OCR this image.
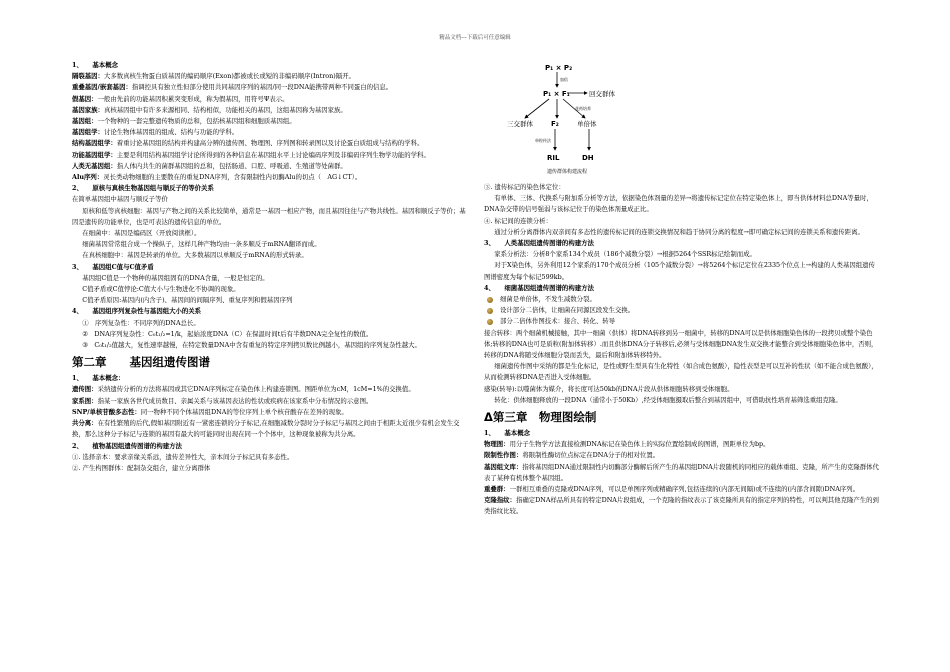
精品文档---下载后可任意编辑

1、　　基本概念

隔裂基因：大多数真核生物蛋白质基因的编码顺序(Exon)都被或长或短的非编码顺序(Intron)隔开。

重叠基因/嵌套基因：指调控具有独立性但部分使用共同基因序列的基因/同一段DNA能携带两种不同蛋白的信息。

假基因：一般由先前的功能基因积累突变形成，称为假基因，用符号Ψ表示。

基因家族：真核基因组中有许多来源相同、结构相似，功能相关的基因，这组基因称为基因家族。

基因组：一个物种的一套完整遗传物质的总和，包括核基因组和细胞质基因组。

基因组学：讨论生物体基因组的组成、结构与功能的学科。

结构基因组学：着重讨论基因组的结构并构建高分辨的遗传图、物理图、序列图和转录图以及讨论蛋白质组成与结构的学科。

功能基因组学：主要是利用结构基因组学讨论所得到的各种信息在基因组水平上讨论编码序列及非编码序列生物学功能的学科。

人类无基因组：指人体内共生的菌群基因组的总和，包括肠道、口腔、呼吸道、生殖道等处菌群。

Alu序列：灵长类动物细胞的主要散在的重复DNA序列，含有限制性内切酶Alu的切点（　AG↓CT）。

2、　　原核与真核生物基因组与顺反子的等价关系

在简单基因组中基因与顺反子等价

原核和低等真核细胞：基因与产物之间的关系比较简单，通常是一基因一相应产物，而且基因往往与产物共线性。基因和顺反子等价；基因是遗传的功能单位，也是可表达的遗传信息的单位。

在细菌中：基因是编码区（开放阅读框）。

细菌基因常常组合成一个操纵子，这样几种产物均由一条多顺反子mRNA翻译而成。

在真核细胞中：基因是转录的单位。大多数基因以单顺反子mRNA的形式转录。

3、　　基因组C值与C值矛盾

基因组C值是一个物种的基因组固有的DNA含量，一般是恒定的。

C值矛盾或C值悖论:C值大小与生物进化不协调的现象。

C值矛盾原因:基因内(内含子)、基因间的间隔序列、重复序列和假基因序列

4、　　基因组序列复杂性与基因组大小的关系

①　序列复杂性：不同序列的DNA总长。

②　DNA序列复杂性：C₀t₁/₂=1/k，起始浓度DNA（C）在保温时间t后有半数DNA完全复性的数值。

③　C₀t₁/₂值越大，复性速率越慢，在特定数量DNA中含有重复的特定序列拷贝数比例越小，基因组的序列复杂性越大。

第二章　　基因组遗传图谱

1、　　基本概念：

遗传图：采纳遗传分析的方法将基因或其它DNA序列标定在染色体上构建连锁图。图距单位为cM，1cM=1%的交换值。

家系图：指某一家族各世代成员数目、亲属关系与该基因表达的性状或疾病在该家系中分布情况的示意图。

SNP/单核苷酸多态性：同一物种不同个体基因组DNA的等位序列上单个核苷酸存在差异的现象。

共分离：在有性繁殖的后代,假如基因附近有一紧密连锁的分子标记,在细胞减数分裂时分子标记与基因之间由于相距太近很少有机会发生交换，那么这种分子标记与连锁的基因有最大的可能同时出现在同一个个体中，这种现象被称为共分离。

2、　　植物基因组遗传图谱的构建方法

①. 选择亲本：要求亲缘关系远，遗传差异性大，亲本间分子标记具有多态性。

②. 产生构图群体：配制杂交组合，建立分离群体

P₁ × P₂
加倍
P₁ × F₁	回交群体
花药培养
三交群体	F₂	单倍体
单粒传法
RIL	DH
遗传群体构建流程

③. 遗传标记的染色体定位：

有单体、三体、代换系与附加系分析等方法，依据染色体剂量的差异→将遗传标记定位在特定染色体上，即当供体材料总DNA等量时，DNA杂交带的信号强弱与该标记位于的染色体剂量成正比。

④. 标记间的连锁分析：

通过分析分离群体内双亲间有多态性的遗传标记间的连锁交换情况和趋于协同分离的程度→即可确定标记间的连锁关系和遗传距离。

3、　　人类基因组遗传图谱的构建方法

家系分析法：分析8个家系134个成员（186个减数分裂）→根据5264个SSR标记绘制而成。

对于X染色体，另外利用12个家系的170个成员分析（105个减数分裂）→将5264个标记定位在2335个位点上→构建的人类基因组遗传图谱密度为每个标记599kb。

4、　　细菌基因组遗传图谱的构建方法

细菌是单倍体，不发生减数分裂。

设计部分二倍体，让细菌在同源区段发生交换。

部分二倍体作图技术：接合、转化、转导

接合转移：两个细菌机械接触，其中一细菌（供体）将DNA转移到另一细菌中，转移的DNA可以是供体细胞染色体的一段拷贝或整个染色体;转移的DNA也可是质粒(附加体转移）.而且供体DNA分子转移后,必须与受体细胞DNA发生双交换才能整合到受体细胞染色体中，否则，转移的DNA将随受体细胞分裂而丢失，最后和附加体转移特外。

细菌遗传作图中采纳的都是生化标记，是性或野生型具有生化特性（如合成色氨酸），隐性表型是可以互补的性状（如不能合成色氨酸），从而检测转移DNA是否进入受体细胞。

感染(转导):以噬菌体为媒介，将长度可达50kb的DNA片段从供体细胞转移到受体细胞。

转化：供体细胞释放的一段DNA（通常小于50Kb）,经受体细胞摄取后整合到基因组中，可借助抗性培育基筛选重组克隆。

Δ第三章　物理图绘制

1、　　基本概念

物理图：用分子生物学方法直接检测DNA标记在染色体上的实际位置绘制成的图谱，图距单位为bp。

限制性作图：将限制性酶切位点标定在DNA分子的相对位置。

基因组文库：指将基因组DNA通过限制性内切酶部分酶解后所产生的基因组DNA片段随机的同相应的载体重组、克隆，所产生的克隆群体代表了某种有机体整个基因组。

重叠群：一群相互重叠的克隆或DNA序列，可以是单图序列或精确序列,包括连续的(内部无间隔)或不连续的(内部含间隙)DNA序列。

克隆指纹：指确定DNA样品所具有的特定DNA片段组成，一个克隆的指纹表示了该克隆所具有的指定序列的特性，可以判其他克隆产生的到类指纹比较。
